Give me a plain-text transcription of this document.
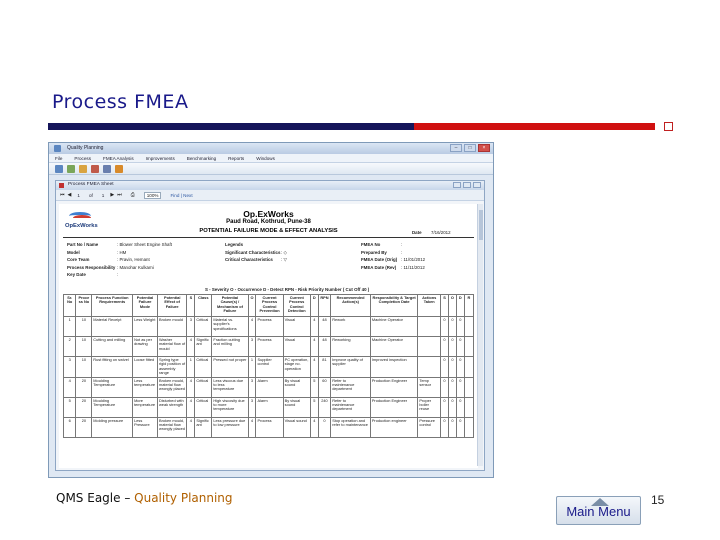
Process FMEA
Quality Planning	–	□	×
File	Process	FMEA Analysis	Improvements	Benchmarking	Reports	Windows
Process FMEA Sheet
⏮ ◀ 1 of 1 ▶ ⏭ ⎙	100%	Find | Next
OpExWorks
Op.ExWorks
Paud Road, Kothrud, Pune-38
POTENTIAL FAILURE MODE & EFFECT ANALYSIS	Date 7/16/2012
Part No / Name	: Blower Sheet Engine Shaft
Model	: HM
Core Team	: Pravin, Hemant
Process Responsibility : Manohar Kulkarni
Key Date	:
Legends
Significant Characteristics : ◇
Critical Characteristics : ▽
FMEA No	:
Prepared By	:
FMEA Date (Orig) : 11/01/2012
FMEA Date (Rev) : 11/11/2012
S - Severity O - Occurrence D - Detect RPN - Risk Priority Number ( Cut Off 40 )
Sr. No	Process No	Process Function Requirements	Potential Failure Mode	Potential Effect of Failure	S	Class	Potential Cause(s) / Mechanism of Failure	O	Current Process Control Prevention	Current Process Control Detection	D	RPN	Recommended Action(s)	Responsibility & Target Completion Date	Actions Taken	S	O	D	R
1	10	Material Receipt	Less Weight	Broken mould	3	Critical	Material vs. supplier's specifications	4	Process	Visual	4	48	Rework	Machine Operator		0	0	0	
2	10	Cutting and milling	Not as per drawing	Washer material flow of mould	4	Significant	Fraction cutting and milling	3	Process	Visual	4	48	Reworking	Machine Operator		0	0	0	
3	10	Rust fitting on swivel	Loose fitted	Spring type rigid position of assembly range	1	Critical	Pressed not proper	1	Supplier control	PC operation, stage no. operation	4	81	Improve quality of supplier	Improved inspection		0	0	0	
4	20	Moulding Temperature	Less temperature	Broken mould, material flow wrongly placed	4	Critical	Less viscous due to less temperature	3	Alarm	By visual sound	5	60	Refer to maintenance department	Production Engineer	Temp sensor	0	0	0	
5	20	Moulding Temperature	More temperature	Disturbed with weak strength	4	Critical	High viscosity due to more temperature	3	Alarm	By visual sound	5	240	Refer to maintenance department	Production Engineer	Proper boiler reuse	0	0	0	
6	20	Molding pressure	Less Pressure	Broken mould, material flow wrongly placed	4	Significant	Less pressure due to low pressure	4	Process	Visual sound	4	0	Stop operation and refer to maintenance	Production engineer	Pressure control	0	0	0	
QMS Eagle – Quality Planning
Main Menu
15
